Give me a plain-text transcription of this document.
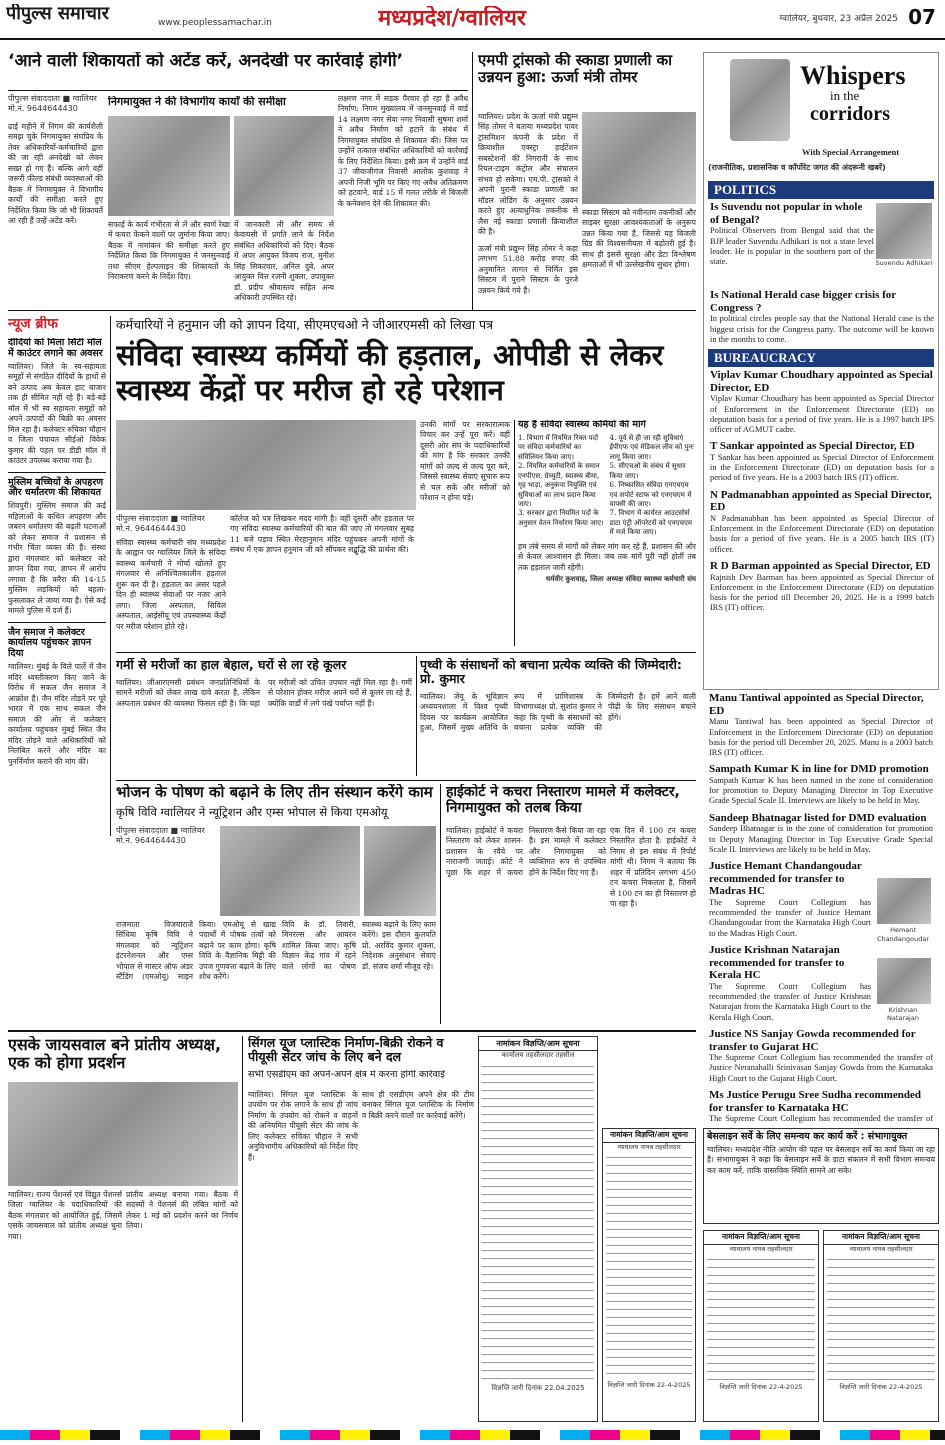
पीपुल्स समाचार	www.peoplessamachar.in	मध्यप्रदेश/ग्वालियर	ग्वालियर, बुधवार, 23 अप्रैल 2025 07
‘आने वाली शिकायतों को अटेंड करें, अनदेखी पर कार्रवाई होगी’
पीपुल्स संवाददाता ■ ग्वालियर
मो.नं. 9644644430
ढाई महीने में निगम की कार्यशैली समझ चुके निगमायुक्त संघप्रिय के तेवर अधिकारियों-कर्मचारियों द्वारा की जा रही अनदेखी को लेकर सख्त हो गए हैं। बल्कि आगे वहीं जरूरी फील्ड संबंधी व्यवस्थाओं की बैठक में निगमायुक्त ने विभागीय कार्यों की समीक्षा करते हुए निर्देशित किया कि जो भी शिकायतें आ रही हैं उन्हें अटेंड करें।
निगमायुक्त ने की विभागीय कार्यों की समीक्षा
सफाई के कार्य गंभीरता से लें और स्वर्ण रेखा में कचरा फेंकने वालों पर जुर्माना किया जाए। बैठक में नामांकन की समीक्षा करते हुए निर्देशित किया कि निगमायुक्त ने जनसुनवाई तथा सीएम हेल्पलाइन की शिकायतों के निराकरण करने के निर्देश दिए।
में जानकारी ली और समय से केवायसी में प्रगति लाने के निर्देश संबंधित अधिकारियों को दिए। बैठक में अपर आयुक्त विजय राज, मुनीश सिंह सिकरवार, अनिल दुबे, अपर आयुक्त वित्त रजनी शुक्ला, उपायुक्त डॉ. प्रदीप श्रीवास्तव सहित अन्य अधिकारी उपस्थित रहे।
लक्ष्मण नगर में सड़क पैरवार हो रहा है अवैध निर्माण: निगम मुख्यालय में जनसुनवाई में वार्ड 14 लक्ष्मण नगर सेवा नगर निवासी सुषमा शर्मा ने अवैध निर्माण को हटाने के संबंध में निगमायुक्त संघप्रिय से शिकायत की। जिस पर उन्होंने तत्काल संबंधित अधिकारियों को कार्रवाई के लिए निर्देशित किया। इसी क्रम में उन्होंने वार्ड 37 जीवाजीगंज निवासी आलोक कुशवाह ने अपनी निजी भूमि पर किए गए अवैध अतिक्रमण को हटवाने, वार्ड 15 में गलत तरीके से बिजली के कनेक्शन देने की शिकायत की।
एमपी ट्रांसको की स्काडा प्रणाली का उन्नयन हुआ: ऊर्जा मंत्री तोमर
ग्वालियर। प्रदेश के ऊर्जा मंत्री प्रद्युम्न सिंह तोमर ने बताया मध्यप्रदेश पावर ट्रांसमिशन कंपनी के प्रदेश में क्रियाशील एक्स्ट्रा हाईटेंशन सबस्टेशनों की निगरानी के साथ रियल-टाइम कंट्रोल और संचालन संभव हो सकेगा। एम.पी. ट्रांसको ने अपनी पुरानी स्काडा प्रणाली का मॉडल लोडिंग के अनुसार उन्नयन करते हुए अत्याधुनिक तकनीक से लैस नई स्काडा प्रणाली क्रियाशील की है।
ऊर्जा मंत्री प्रद्युम्न सिंह तोमर ने कहा लगभग 51.88 करोड़ रुपए की अनुमानित लागत से निर्मित इस सिस्टम में पुराने सिस्टम के पुरजे उन्नयन किये गये हैं।
स्काडा सिस्टम को नवीनतम तकनीकों और साइबर सुरक्षा आवश्यकताओं के अनुरूप उन्नत किया गया है, जिससे यह बिजली ग्रिड की विश्वसनीयता में बढ़ोतरी हुई है। साथ ही इससे सुरक्षा और डेटा विश्लेषण क्षमताओं में भी उल्लेखनीय सुधार होगा।
Whispers
in the
corridors
With Special Arrangement
(राजनीतिक, प्रशासनिक व कॉर्पोरेट जगत की अंदरूनी खबरें)
POLITICS
Suvendu Adhikari
Is Suvendu not popular in whole of Bengal?
Political Observers from Bengal said that the BJP leader Suvendu Adhikari is not a state level leader. He is popular in the southern part of the state.
Is National Herald case bigger crisis for Congress ?
In political circles people say that the National Herald case is the biggest crisis for the Congress party. The outcome will be known in the months to come.
BUREAUCRACY
Viplav Kumar Choudhary appointed as Special Director, ED
Viplav Kumar Choudhary has been appointed as Special Director of Enforcement in the Enforcement Directorate (ED) on deputation basis for a period of five years. He is a 1997 batch IPS officer of AGMUT cadre.
T Sankar appointed as Special Director, ED
T Sankar has been appointed as Special Director of Enforcement in the Enforcement Directorate (ED) on deputation basis for a period of five years. He is a 2003 batch IRS (IT) officer.
N Padmanabhan appointed as Special Director, ED
N Padmanabhan has been appointed as Special Director of Enforcement in the Enforcement Directorate (ED) on deputation basis for a period of five years. He is a 2005 batch IRS (IT) officer.
R D Barman appointed as Special Director, ED
Rajnish Dev Barman has been appointed as Special Director of Enforcement in the Enforcement Directorate (ED) on deputation basis for the period till December 20, 2025. He is a 1999 batch IRS (IT) officer.
Manu Tantiwal appointed as Special Director, ED
Manu Tantiwal has been appointed as Special Director of Enforcement in the Enforcement Directorate (ED) on deputation basis for the period till December 20, 2025. Manu is a 2003 batch IRS (IT) officer.
Sampath Kumar K in line for DMD promotion
Sampath Kumar K has been named in the zone of consideration for promotion to Deputy Managing Director in Top Executive Grade Special Scale II. Interviews are likely to be held in May.
Sandeep Bhatnagar listed for DMD evaluation
Sandeep Bhatnagar is in the zone of consideration for promotion to Deputy Managing Director in Top Executive Grade Special Scale II. Interviews are likely to be held in May.
Justice Hemant Chandangoudar recommended for transfer to Madras HC
The Supreme Court Collegium has recommended the transfer of Justice Hemant Chandangoudar from the Karnataka High Court to the Madras High Court.	Hemant Chandangoudar
Justice Krishnan Natarajan recommended for transfer to Kerala HC
The Supreme Court Collegium has recommended the transfer of Justice Krishnan Natarajan from the Karnataka High Court to the Kerala High Court.
Krishnan Natarajan
Justice NS Sanjay Gowda recommended for transfer to Gujarat HC
The Supreme Court Collegium has recommended the transfer of Justice Neranahalli Srinivasan Sanjay Gowda from the Karnataka High Court to the Gujarat High Court.
Ms Justice Perugu Sree Sudha recommended for transfer to Karnataka HC
The Supreme Court Collegium has recommended the transfer of
न्यूज ब्रीफ
दीदियों को मिला सिटी मॉल में काउंटर लगाने का अवसर
ग्वालियर। जिले के स्व-सहायता समूहों से संगठित दीदियों के हाथों से बने उत्पाद अब केवल हाट बाजार तक ही सीमित नहीं रहे हैं। बड़े-बड़े मॉल में भी स्व सहायता समूहों को अपने उत्पादों की बिक्री का अवसर मिल रहा है। कलेक्टर रुचिका चौहान व जिला पंचायत सीईओ विवेक कुमार की पहल पर डीडी मॉल में काउंटर उपलब्ध कराया गया है।
मुस्लिम बच्चियों के अपहरण और धर्मांतरण की शिकायत
शिवपुरी। मुस्लिम समाज की कई महिलाओं के कथित अपहरण और जबरन धर्मांतरण की बढ़ती घटनाओं को लेकर समाज ने प्रशासन से गंभीर चिंता व्यक्त की है। संस्था द्वारा मंगलवार को कलेक्टर को ज्ञापन दिया गया, ज्ञापन में आरोप लगाया है कि करैरा की 14-15 मुस्लिम लड़कियों को बहला-फुसलाकर ले जाया गया है। ऐसे कई मामले पुलिस में दर्ज हैं।
जैन समाज ने कलेक्टर कार्यालय पहुंचकर ज्ञापन दिया
ग्वालियर। मुंबई के विले पार्ले में जैन मंदिर ध्वस्तीकरण किए जाने के विरोध में सकल जैन समाज ने आक्रोश है। जैन मंदिर तोड़ने पर पूरे भारत में एक साथ सकल जैन समाज की ओर से कलेक्टर कार्यालय पहुंचकर मुंबई स्थित जैन मंदिर तोड़ने वाले अधिकारियों को निलंबित करने और मंदिर का पुनर्निर्माण कराने की मांग की।
कर्मचारियों ने हनुमान जी को ज्ञापन दिया, सीएमएचओ ने जीआरएमसी को लिखा पत्र
संविदा स्वास्थ्य कर्मियों की हड़ताल, ओपीडी से लेकर स्वास्थ्य केंद्रों पर मरीज हो रहे परेशान
पीपुल्स संवाददाता ■ ग्वालियर
मो.नं. 9644644430
संविदा स्वास्थ्य कर्मचारी संघ मध्यप्रदेश के आह्वान पर ग्वालियर जिले के संविदा स्वास्थ्य कर्मचारी ने मोर्चा खोलते हुए मंगलवार से अनिश्चितकालीन हड़ताल शुरू कर दी है। हड़ताल का असर पहले दिन ही स्वास्थ्य सेवाओं पर नजर आने लगा। जिला अस्पताल, सिविल अस्पताल, आईसीयू एवं उपस्वास्थ्य केंद्रों पर मरीज परेशान होते रहे।
कॉलेज को पत्र लिखकर मदद मांगी है। वहीं दूसरी और हड़ताल पर गए संविदा स्वास्थ्य कर्मचारियों की बात की जाए तो मंगलवार सुबह 11 बजे पड़ाव स्थित मेरहानुमान मंदिर पहुंचकर अपनी मांगों के संबंध में एक ज्ञापन हनुमान जी को सौंपकर सद्बुद्धि की प्रार्थना की।
उनकी मांगों पर सरकारात्मक विचार कर उन्हें पूरा करें। वहीं दूसरी ओर संघ के पदाधिकारियों की मांग है कि सरकार उनकी मांगों को जल्द से जल्द पूरा करे, जिससे स्वास्थ्य सेवाएं सुचारु रूप से चल सकें और मरीजों को परेशान न होना पड़े।
यह हैं संविदा स्वास्थ्य कर्मियों की मांगें
1. विभाग में नियमित रिक्त पदों पर संविदा कर्मचारियों का संविलियन किया जाए।
2. नियमित कर्मचारियों के समान एनपीएस, ग्रेच्युटी, स्वास्थ्य बीमा, गृह भाड़ा, अनुकंपा नियुक्ति एवं सुविधाओं का लाभ प्रदान किया जाए।
3. सरकार द्वारा नियमित पदों के अनुसार वेतन निर्धारण किया जाए।
4. पूर्व से ही जा रही सुविधाएं ईपीएफ एवं मेडिकल लीव को पुनः लागू किया जाए।
5. सीएचओ के संबंध में सुधार किया जाए।
6. निष्कासित संविदा एनएचएम एवं सपोर्ट स्टाफ को एनएचएम में वापसी की जाए।
7. विभाग में कार्यरत आउटसोर्स डाटा एंट्री ऑपरेटरों को एनएचएम में मर्ज किया जाए।
हम लंबे समय से मांगों को लेकर मांग कर रहे हैं, प्रशासन की ओर से केवल आश्वासन ही मिला। जब तक मांगें पूरी नहीं होतीं तब तक हड़ताल जारी रहेगी।
धर्मवीर कुशवाह, जिला अध्यक्ष संविदा स्वास्थ्य कर्मचारी संघ
गर्मी से मरीजों का हाल बेहाल, घरों से ला रहे कूलर
ग्वालियर। जीआरएमसी प्रबंधन जनप्रतिनिधियों के सामने मरीजों को लेकर लाख दावे करता है, लेकिन अस्पताल प्रबंधन की व्यवस्था फिसल रही है। कि यहां पर मरीजों को उचित उपचार नहीं मिल रहा है। गर्मी से परेशान होकर मरीज अपने घरों से कूलर ला रहे हैं, क्योंकि वार्डों में लगे पंखे पर्याप्त नहीं हैं।
पृथ्वी के संसाधनों को बचाना प्रत्येक व्यक्ति की जिम्मेदारी: प्रो. कुमार
ग्वालियर। जेयू के भूविज्ञान अध्ययनशाला में विश्व पृथ्वी दिवस पर कार्यक्रम आयोजित हुआ, जिसमें मुख्य अतिथि के रूप में प्राणिशास्त्र के विभागाध्यक्ष प्रो. सुशांत कुमार ने कहा कि पृथ्वी के संसाधनों को बचाना प्रत्येक व्यक्ति की जिम्मेदारी है। हमें आने वाली पीढ़ी के लिए संसाधन बचाने होंगे।
भोजन के पोषण को बढ़ाने के लिए तीन संस्थान करेंगे काम
कृषि विवि ग्वालियर ने न्यूट्रिशन और एम्स भोपाल से किया एमओयू
पीपुल्स संवाददाता ■ ग्वालियर
मो.नं. 9644644430
राजमाता विजयाराजे सिंधिया कृषि विवि ने मंगलवार को न्यूट्रिशन इंटरनेशनल और एम्स भोपाल से मास्टर ऑफ अंडर स्टैंडिंग (एमओयू) साइन किया। एमओयू से खाद्य पदार्थों में पोषक तत्वों को बढ़ाने पर काम होगा। कृषि विवि के वैज्ञानिक मिट्टी की उपज गुणवत्ता बढ़ाने के लिए शोध करेंगे।
विवि के डॉ. तिवारी, मिनरल्स और आयरन शामिल किया जाए। कृषि विज्ञान केंद्र गांव में रहने वाले लोगों का पोषण स्वास्थ्य बढ़ाने के लिए काम करेंगे। इस दौरान कुलपति प्रो. अरविंद कुमार शुक्ला, निदेशक अनुसंधान सेवाएं डॉ. संजय शर्मा मौजूद रहे।
हाईकोर्ट ने कचरा निस्तारण मामले में कलेक्टर, निगमायुक्त को तलब किया
ग्वालियर। हाईकोर्ट ने कचरा निस्तारण को लेकर शासन-प्रशासन के रवैये पर नाराजगी जताई। कोर्ट ने पूछा कि शहर में कचरा निस्तारण कैसे किया जा रहा है। इस मामले में कलेक्टर और निगमायुक्त को व्यक्तिगत रूप से उपस्थित होने के निर्देश दिए गए हैं।
एक दिन में 100 टन कचरा निस्तारित होता है: हाईकोर्ट ने निगम से इस संबंध में रिपोर्ट मांगी थी। निगम ने बताया कि शहर में प्रतिदिन लगभग 450 टन कचरा निकलता है, जिसमें से 100 टन का ही निस्तारण हो पा रहा है।
बेसलाइन सर्वे के लिए समन्वय कर कार्य करें : संभागायुक्त
ग्वालियर। मध्यप्रदेश नीति आयोग की पहल पर बेसलाइन सर्वे का कार्य किया जा रहा है। संभागायुक्त ने कहा कि बेसलाइन सर्वे के डाटा संकलन में सभी विभाग समन्वय कर काम करें, ताकि वास्तविक स्थिति सामने आ सके।
एसके जायसवाल बने प्रांतीय अध्यक्ष, एक को होगा प्रदर्शन
ग्वालियर। राज्य पेंशनर्स एवं विद्युत पेंशनर्स जिला ग्वालियर के पदाधिकारियों की बैठक मंगलवार को आयोजित हुई, जिसमें एसके जायसवाल को प्रांतीय अध्यक्ष चुना गया।
प्रांतीय अध्यक्ष बनाया गया। बैठक में सदस्यों ने पेंशनर्स की लंबित मांगों को लेकर 1 मई को प्रदर्शन करने का निर्णय लिया।
सिंगल यूज प्लास्टिक निर्माण-बिक्री रोकने व पीयूसी सेंटर जांच के लिए बने दल
सभी एसडीएम को अपने-अपने क्षेत्र में करना होगी कार्रवाई
ग्वालियर। सिंगल यूज प्लास्टिक के उपयोग पर रोक लगाने के साथ ही जांच निर्माण के उपयोग को रोकने व वाहनों की अनियमित पीयूसी सेंटर की जांच के लिए कलेक्टर रुचिका चौहान ने सभी अनुविभागीय अधिकारियों को निर्देश दिए हैं।
साथ ही एसडीएम अपने क्षेत्र की टीम बनाकर सिंगल यूज प्लास्टिक के निर्माण व बिक्री करने वालों पर कार्रवाई करेंगे।
नामांकन विज्ञप्ति/आम सूचना
कार्यालय तहसीलदार तहसील
विज्ञप्ति जारी दिनांक 22.04.2025
नामांकन विज्ञप्ति/आम सूचना
न्यायालय नायब तहसीलदार
विज्ञप्ति जारी दिनांक 22-4-2025
नामांकन विज्ञप्ति/आम सूचना
न्यायालय नायब तहसीलदार
विज्ञप्ति जारी दिनांक 22-4-2025
नामांकन विज्ञप्ति/आम सूचना
न्यायालय नायब तहसीलदार
विज्ञप्ति जारी दिनांक 22-4-2025
